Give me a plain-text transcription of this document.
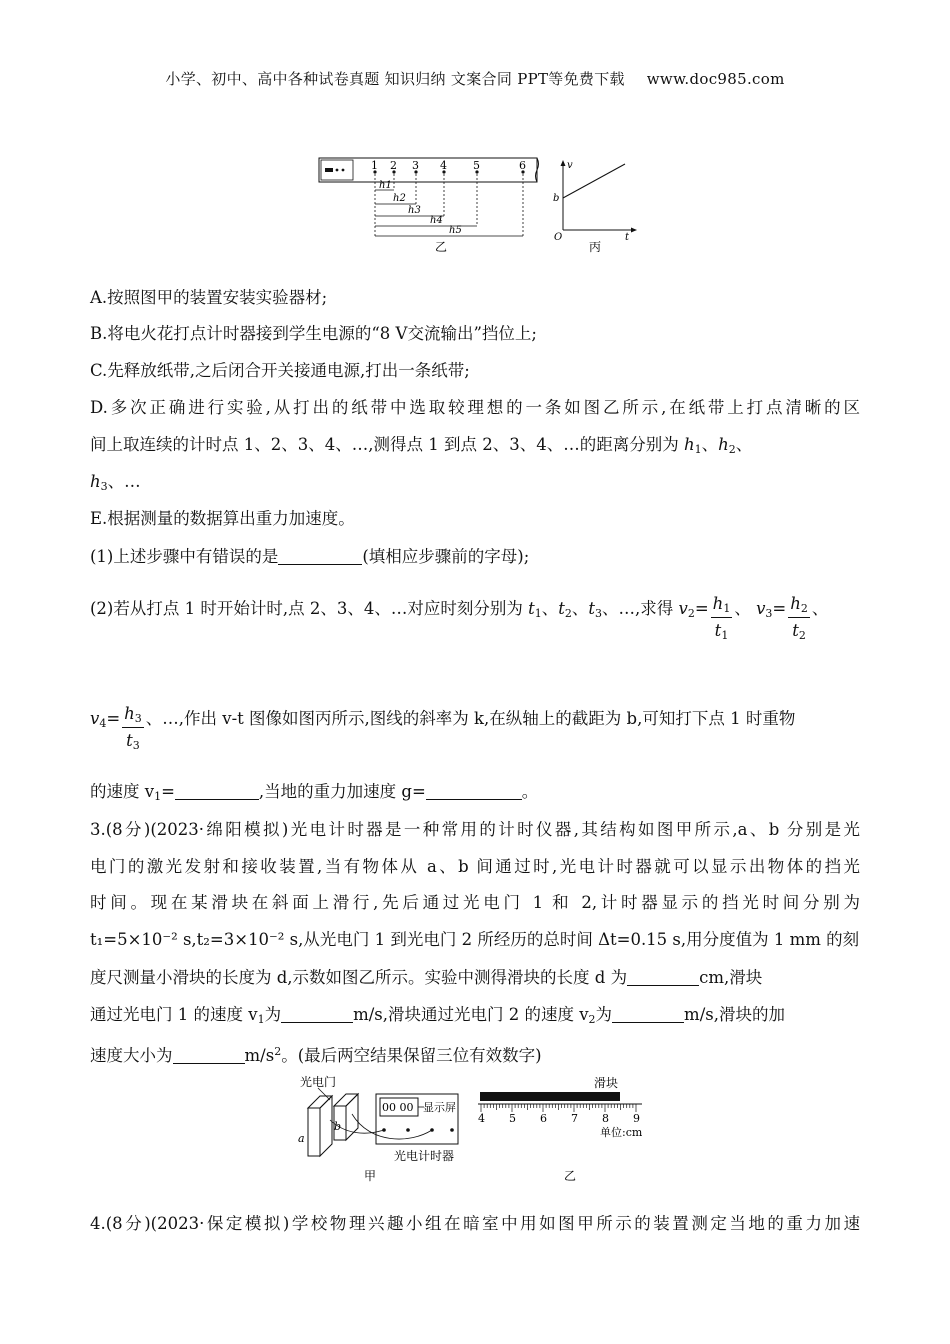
小学、初中、高中各种试卷真题 知识归纳 文案合同 PPT等免费下载 www.doc985.com
1 2 3 4 5	6
h1
h2
h3
h4
h5
乙
v
b
O	t
丙
A.按照图甲的装置安装实验器材;
B.将电火花打点计时器接到学生电源的“8 V交流输出”挡位上;
C.先释放纸带,之后闭合开关接通电源,打出一条纸带;
D.多次正确进行实验,从打出的纸带中选取较理想的一条如图乙所示,在纸带上打点清晰的区
间上取连续的计时点 1、2、3、4、…,测得点 1 到点 2、3、4、…的距离分别为 $h_1$、$h_2$、
$h_3$、…
E.根据测量的数据算出重力加速度。
(1)上述步骤中有错误的是	(填相应步骤前的字母);
(2)若从打点 1 时开始计时,点 2、3、4、…对应时刻分别为 $t_1$、$t_2$、$t_3$、…,求得 $v_2= \frac{h_1}{t_1}$ 、 $v_3= \frac{h_2}{t_2}$ 、
$v_4= \frac{h_3}{t_3}$ 、…,作出 v-t 图像如图丙所示,图线的斜率为 k,在纵轴上的截距为 b,可知打下点 1 时重物
的速度 $v_1=$	,当地的重力加速度 g=	。
3.(8分)(2023·绵阳模拟)光电计时器是一种常用的计时仪器,其结构如图甲所示,a、b 分别是光
电门的激光发射和接收装置,当有物体从 a、b 间通过时,光电计时器就可以显示出物体的挡光
时间。现在某滑块在斜面上滑行,先后通过光电门 1 和 2,计时器显示的挡光时间分别为
t₁=5×10⁻² s,t₂=3×10⁻² s,从光电门 1 到光电门 2 所经历的总时间 Δt=0.15 s,用分度值为 1 mm 的刻
度尺测量小滑块的长度为 d,示数如图乙所示。实验中测得滑块的长度 d 为	cm,滑块
通过光电门 1 的速度 $v_1$为	m/s,滑块通过光电门 2 的速度 $v_2$为	m/s,滑块的加
速度大小为	$m/s^2$。(最后两空结果保留三位有效数字)
光电门
a
b
00 00 显示屏
光电计时器
甲
滑块
4 5 6 7 8 9
单位:cm
乙
4.(8分)(2023·保定模拟)学校物理兴趣小组在暗室中用如图甲所示的装置测定当地的重力加速
